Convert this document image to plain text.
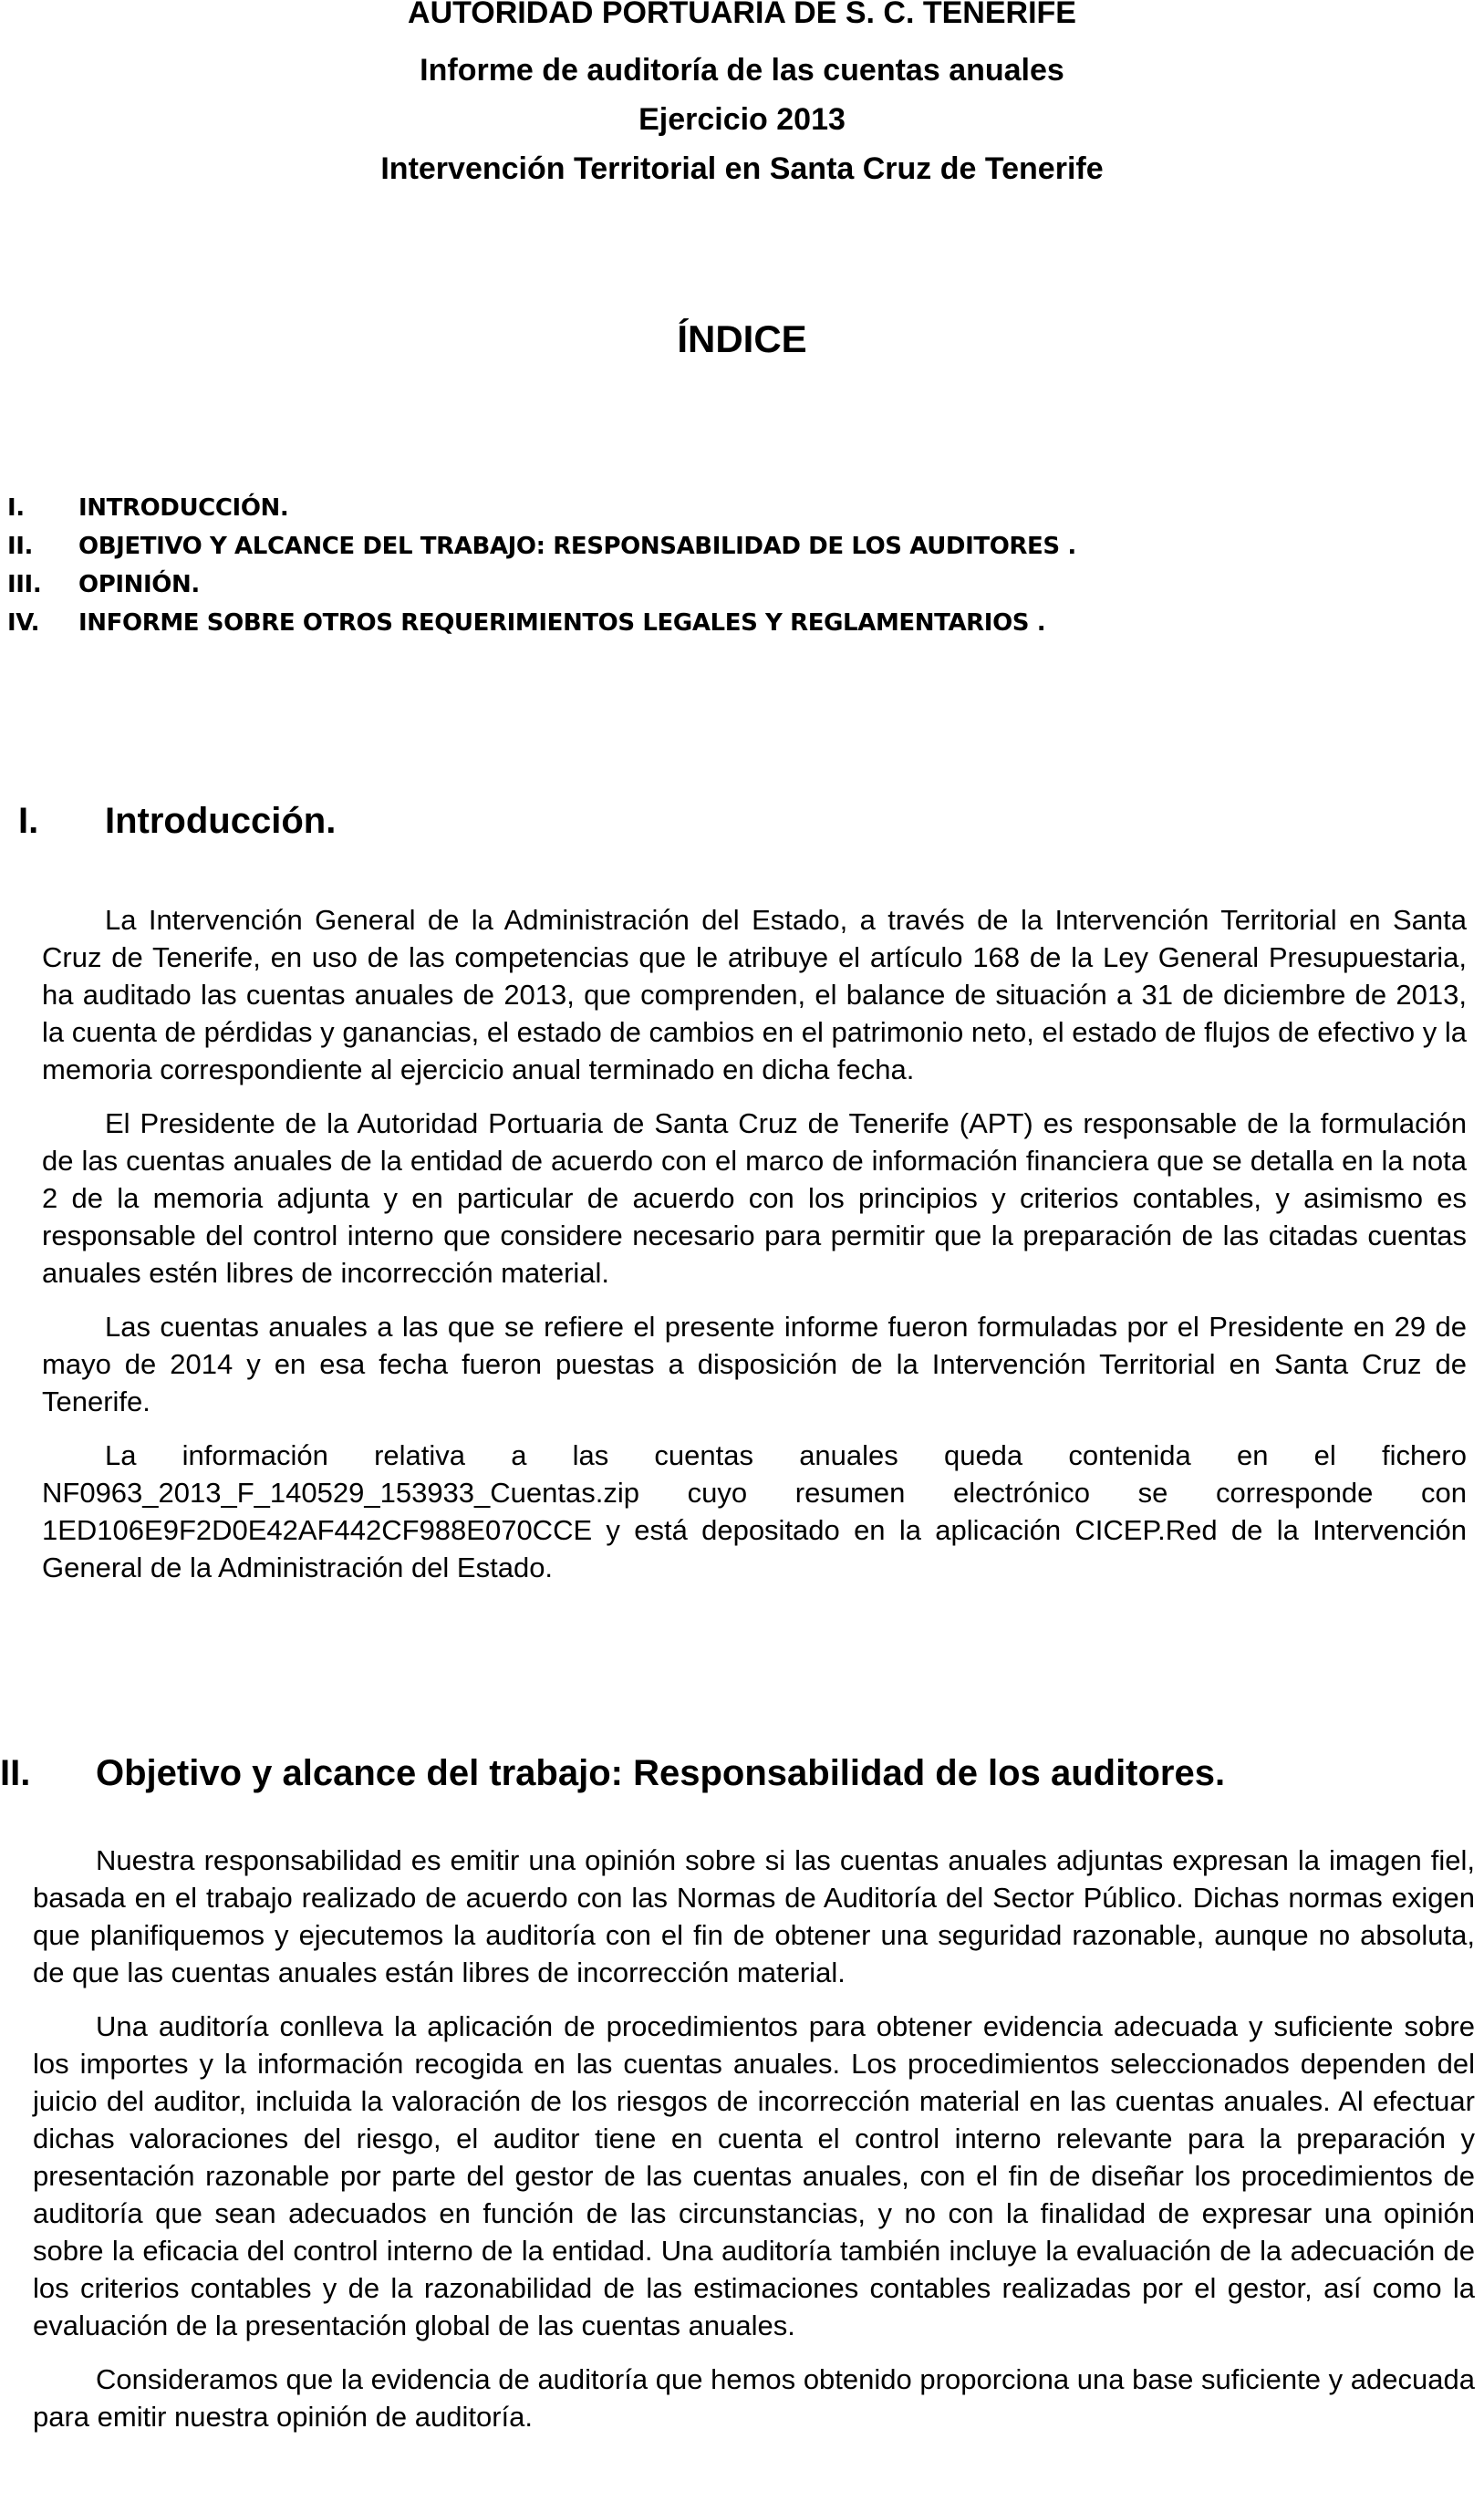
AUTORIDAD PORTUARIA DE S. C. TENERIFE
Informe de auditoría de las cuentas anuales
Ejercicio 2013
Intervención Territorial en Santa Cruz de Tenerife
ÍNDICE
I. INTRODUCCIÓN.
II. OBJETIVO Y ALCANCE DEL TRABAJO: RESPONSABILIDAD DE LOS AUDITORES .
III. OPINIÓN.
IV. INFORME SOBRE OTROS REQUERIMIENTOS LEGALES Y REGLAMENTARIOS .
I. Introducción.

La Intervención General de la Administración del Estado, a través de la Intervención Territorial en Santa Cruz de Tenerife, en uso de las competencias que le atribuye el artículo 168 de la Ley General Presupuestaria, ha auditado las cuentas anuales de 2013, que comprenden, el balance de situación a 31 de diciembre de 2013, la cuenta de pérdidas y ganancias, el estado de cambios en el patrimonio neto, el estado de flujos de efectivo y la memoria correspondiente al ejercicio anual terminado en dicha fecha.

El Presidente de la Autoridad Portuaria de Santa Cruz de Tenerife (APT) es responsable de la formulación de las cuentas anuales de la entidad de acuerdo con el marco de información financiera que se detalla en la nota 2 de la memoria adjunta y en particular de acuerdo con los principios y criterios contables, y asimismo es responsable del control interno que considere necesario para permitir que la preparación de las citadas cuentas anuales estén libres de incorrección material.

Las cuentas anuales a las que se refiere el presente informe fueron formuladas por el Presidente en 29 de mayo de 2014 y en esa fecha fueron puestas a disposición de la Intervención Territorial en Santa Cruz de Tenerife.

La información relativa a las cuentas anuales queda contenida en el fichero NF0963_2013_F_140529_153933_Cuentas.zip cuyo resumen electrónico se corresponde con 1ED106E9F2D0E42AF442CF988E070CCE y está depositado en la aplicación CICEP.Red de la Intervención General de la Administración del Estado.

II. Objetivo y alcance del trabajo: Responsabilidad de los auditores.

Nuestra responsabilidad es emitir una opinión sobre si las cuentas anuales adjuntas expresan la imagen fiel, basada en el trabajo realizado de acuerdo con las Normas de Auditoría del Sector Público. Dichas normas exigen que planifiquemos y ejecutemos la auditoría con el fin de obtener una seguridad razonable, aunque no absoluta, de que las cuentas anuales están libres de incorrección material.

Una auditoría conlleva la aplicación de procedimientos para obtener evidencia adecuada y suficiente sobre los importes y la información recogida en las cuentas anuales. Los procedimientos seleccionados dependen del juicio del auditor, incluida la valoración de los riesgos de incorrección material en las cuentas anuales. Al efectuar dichas valoraciones del riesgo, el auditor tiene en cuenta el control interno relevante para la preparación y presentación razonable por parte del gestor de las cuentas anuales, con el fin de diseñar los procedimientos de auditoría que sean adecuados en función de las circunstancias, y no con la finalidad de expresar una opinión sobre la eficacia del control interno de la entidad. Una auditoría también incluye la evaluación de la adecuación de los criterios contables y de la razonabilidad de las estimaciones contables realizadas por el gestor, así como la evaluación de la presentación global de las cuentas anuales.

Consideramos que la evidencia de auditoría que hemos obtenido proporciona una base suficiente y adecuada para emitir nuestra opinión de auditoría.
